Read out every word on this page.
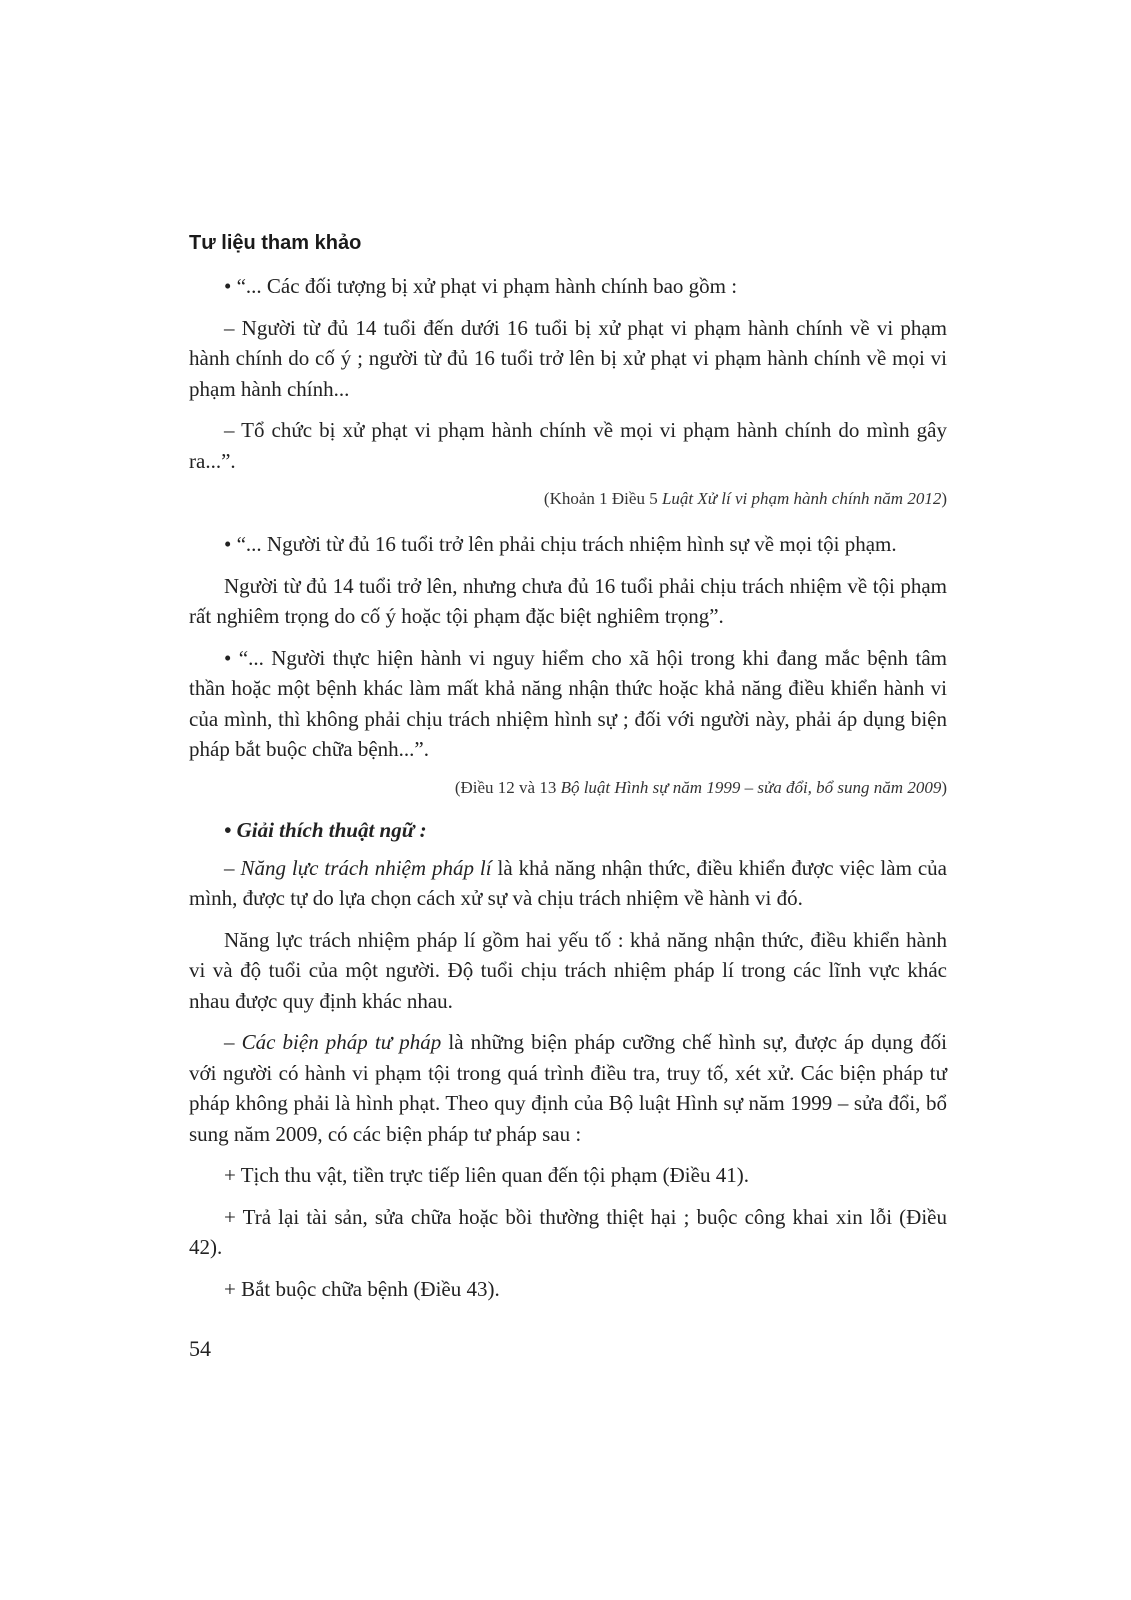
Tư liệu tham khảo

• “... Các đối tượng bị xử phạt vi phạm hành chính bao gồm :

– Người từ đủ 14 tuổi đến dưới 16 tuổi bị xử phạt vi phạm hành chính về vi phạm hành chính do cố ý ; người từ đủ 16 tuổi trở lên bị xử phạt vi phạm hành chính về mọi vi phạm hành chính...

– Tổ chức bị xử phạt vi phạm hành chính về mọi vi phạm hành chính do mình gây ra...”.

(Khoản 1 Điều 5 Luật Xử lí vi phạm hành chính năm 2012)

• “... Người từ đủ 16 tuổi trở lên phải chịu trách nhiệm hình sự về mọi tội phạm.

Người từ đủ 14 tuổi trở lên, nhưng chưa đủ 16 tuổi phải chịu trách nhiệm về tội phạm rất nghiêm trọng do cố ý hoặc tội phạm đặc biệt nghiêm trọng”.

• “... Người thực hiện hành vi nguy hiểm cho xã hội trong khi đang mắc bệnh tâm thần hoặc một bệnh khác làm mất khả năng nhận thức hoặc khả năng điều khiển hành vi của mình, thì không phải chịu trách nhiệm hình sự ; đối với người này, phải áp dụng biện pháp bắt buộc chữa bệnh...”.

(Điều 12 và 13 Bộ luật Hình sự năm 1999 – sửa đổi, bổ sung năm 2009)
• Giải thích thuật ngữ :

– Năng lực trách nhiệm pháp lí là khả năng nhận thức, điều khiển được việc làm của mình, được tự do lựa chọn cách xử sự và chịu trách nhiệm về hành vi đó.

Năng lực trách nhiệm pháp lí gồm hai yếu tố : khả năng nhận thức, điều khiển hành vi và độ tuổi của một người. Độ tuổi chịu trách nhiệm pháp lí trong các lĩnh vực khác nhau được quy định khác nhau.

– Các biện pháp tư pháp là những biện pháp cưỡng chế hình sự, được áp dụng đối với người có hành vi phạm tội trong quá trình điều tra, truy tố, xét xử. Các biện pháp tư pháp không phải là hình phạt. Theo quy định của Bộ luật Hình sự năm 1999 – sửa đổi, bổ sung năm 2009, có các biện pháp tư pháp sau :

+ Tịch thu vật, tiền trực tiếp liên quan đến tội phạm (Điều 41).

+ Trả lại tài sản, sửa chữa hoặc bồi thường thiệt hại ; buộc công khai xin lỗi (Điều 42).

+ Bắt buộc chữa bệnh (Điều 43).

54
